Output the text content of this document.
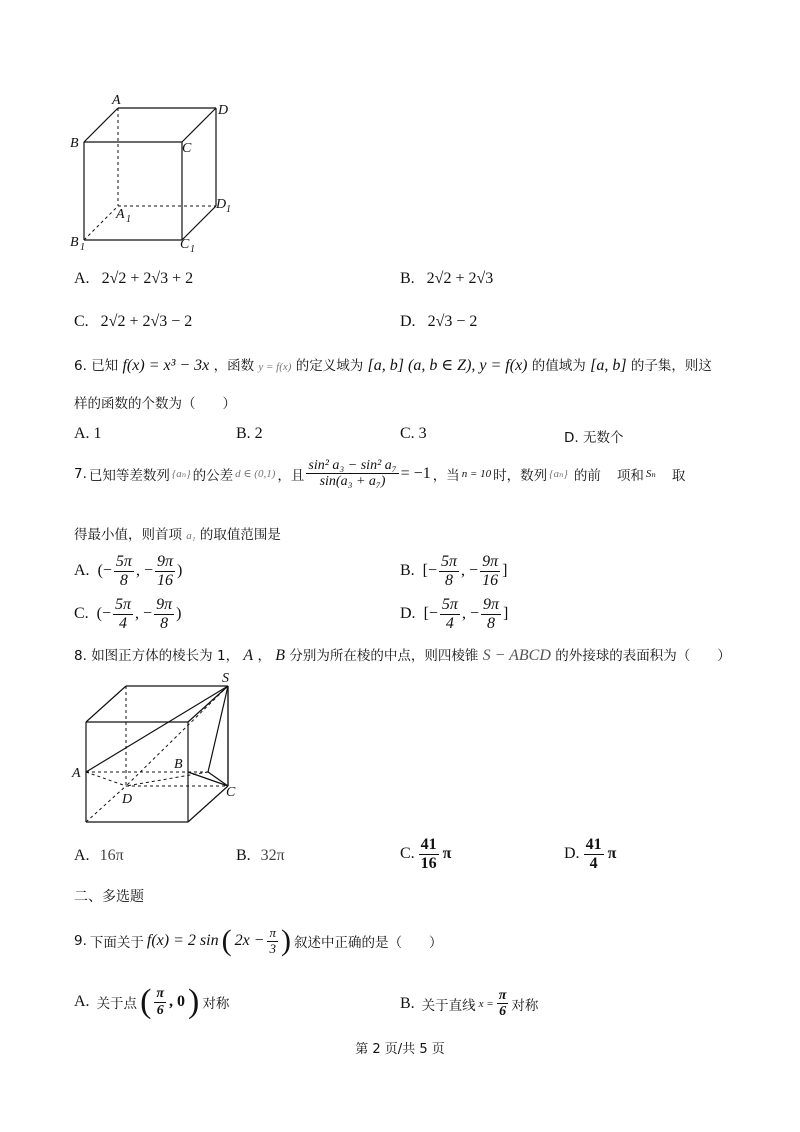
A
D
B	C
A 1
D 1
B 1	C 1
A. 2√2 + 2√3 + 2	B. 2√2 + 2√3
C. 2√2 + 2√3 − 2	D. 2√3 − 2
6. 已知 f(x) = x³ − 3x ，函数 y = f(x) 的定义域为 [a, b] (a, b ∈ Z), y = f(x) 的值域为 [a, b] 的子集，则这
样的函数的个数为（　　）
A. 1	B. 2	C. 3	D. 无数个
7. 已知等差数列 {aₙ} 的公差 d ∈ (0,1) ，且 $\frac{\text{sin² a₃ − sin² a₇}}{\text{sin(a₃ + a₇)}} = -1$ ，当 n = 10 时，数列 {aₙ} 的前 项和 Sₙ 取
得最小值，则首项 a₁ 的取值范围是
A. (− $\frac{5\pi}{8}$ , − $\frac{9\pi}{16}$ )	B. [− $\frac{5\pi}{8}$ , − $\frac{9\pi}{16}$ ]
C. (− $\frac{5\pi}{4}$ , − $\frac{9\pi}{8}$ )	D. [− $\frac{5\pi}{4}$ , − $\frac{9\pi}{8}$ ]
8. 如图正方体的棱长为 1， A ， B 分别为所在棱的中点，则四棱锥 S − ABCD 的外接球的表面积为（　　）
S
A
B
D	C
A. 16π	B. 32π	C. $\frac{41}{16}$ π	D. $\frac{41}{4}$ π
二、多选题
9. 下面关于 f(x) = 2 sin ( $2x - \frac{\pi}{3}$ ) 叙述中正确的是（　　）
A. 关于点 ( $\frac{\pi}{6}$ , 0 ) 对称	B. 关于直线 $x = \frac{\pi}{6}$ 对称
第 2 页/共 5 页
